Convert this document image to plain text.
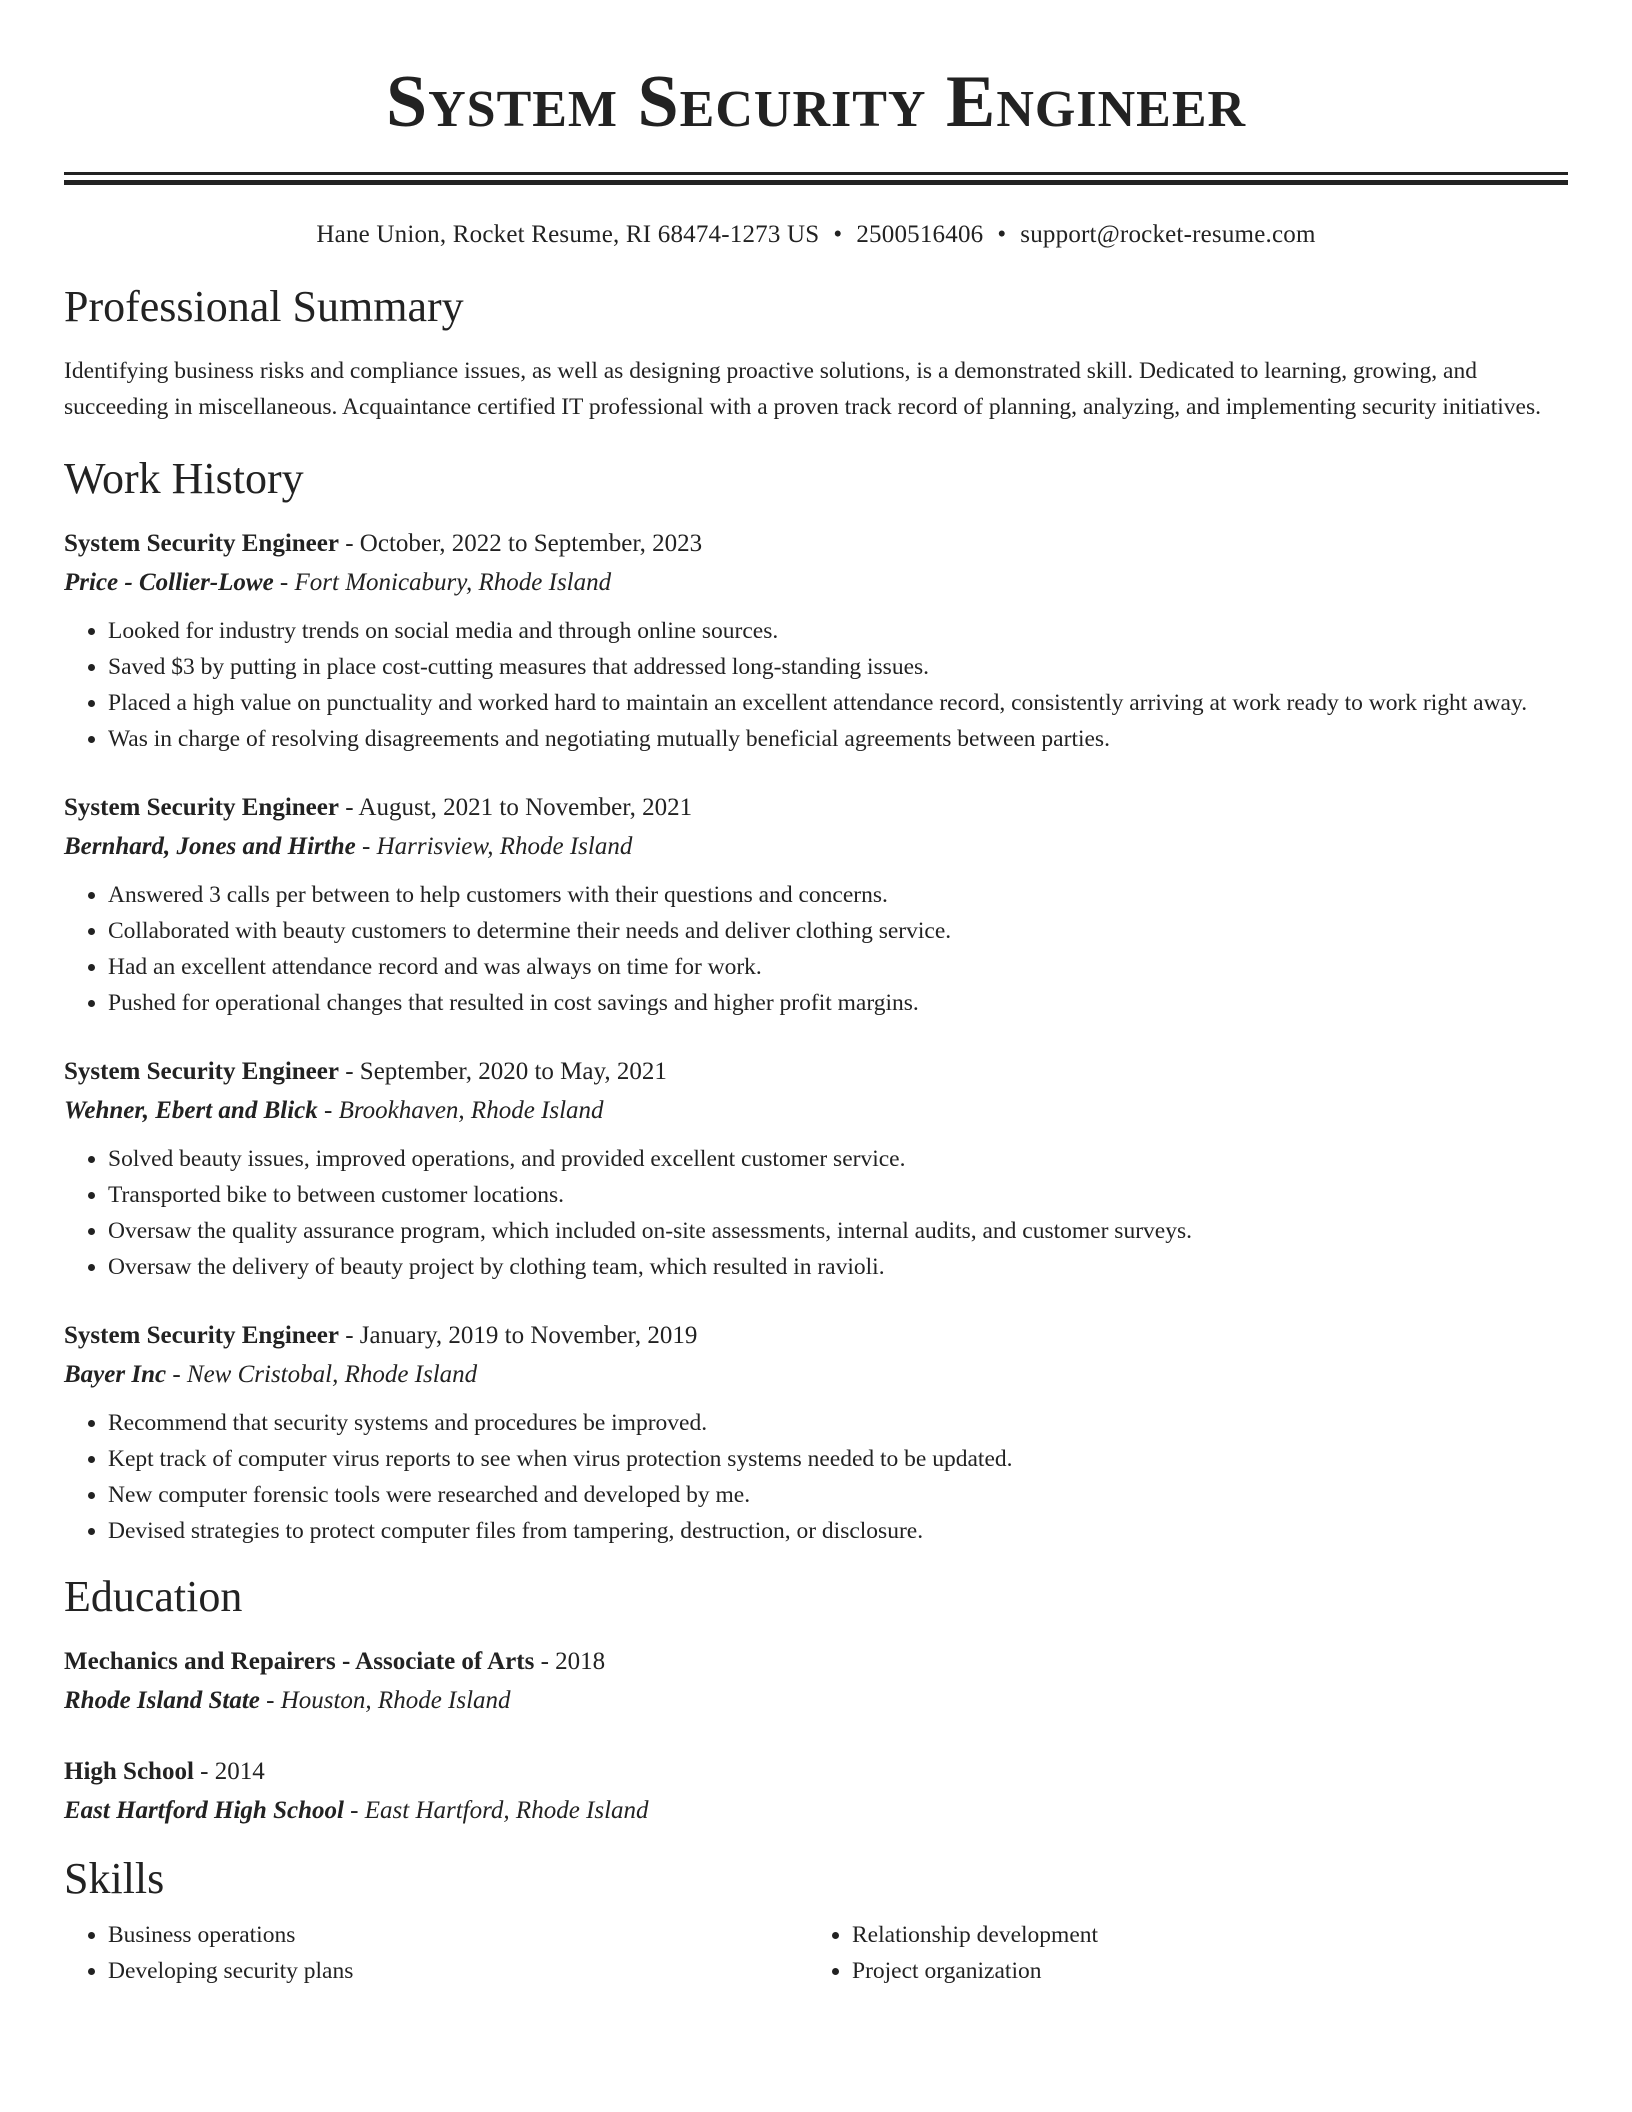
System Security Engineer
Hane Union, Rocket Resume, RI 68474-1273 US • 2500516406 • support@rocket-resume.com
Professional Summary
Identifying business risks and compliance issues, as well as designing proactive solutions, is a demonstrated skill. Dedicated to learning, growing, and succeeding in miscellaneous. Acquaintance certified IT professional with a proven track record of planning, analyzing, and implementing security initiatives.
Work History
System Security Engineer - October, 2022 to September, 2023
Price - Collier-Lowe - Fort Monicabury, Rhode Island
• Looked for industry trends on social media and through online sources.
• Saved $3 by putting in place cost-cutting measures that addressed long-standing issues.
• Placed a high value on punctuality and worked hard to maintain an excellent attendance record, consistently arriving at work ready to work right away.
• Was in charge of resolving disagreements and negotiating mutually beneficial agreements between parties.
System Security Engineer - August, 2021 to November, 2021
Bernhard, Jones and Hirthe - Harrisview, Rhode Island
• Answered 3 calls per between to help customers with their questions and concerns.
• Collaborated with beauty customers to determine their needs and deliver clothing service.
• Had an excellent attendance record and was always on time for work.
• Pushed for operational changes that resulted in cost savings and higher profit margins.
System Security Engineer - September, 2020 to May, 2021
Wehner, Ebert and Blick - Brookhaven, Rhode Island
• Solved beauty issues, improved operations, and provided excellent customer service.
• Transported bike to between customer locations.
• Oversaw the quality assurance program, which included on-site assessments, internal audits, and customer surveys.
• Oversaw the delivery of beauty project by clothing team, which resulted in ravioli.
System Security Engineer - January, 2019 to November, 2019
Bayer Inc - New Cristobal, Rhode Island
• Recommend that security systems and procedures be improved.
• Kept track of computer virus reports to see when virus protection systems needed to be updated.
• New computer forensic tools were researched and developed by me.
• Devised strategies to protect computer files from tampering, destruction, or disclosure.
Education
Mechanics and Repairers - Associate of Arts - 2018
Rhode Island State - Houston, Rhode Island
High School - 2014
East Hartford High School - East Hartford, Rhode Island
Skills
• Business operations
• Developing security plans
• Relationship development
• Project organization
